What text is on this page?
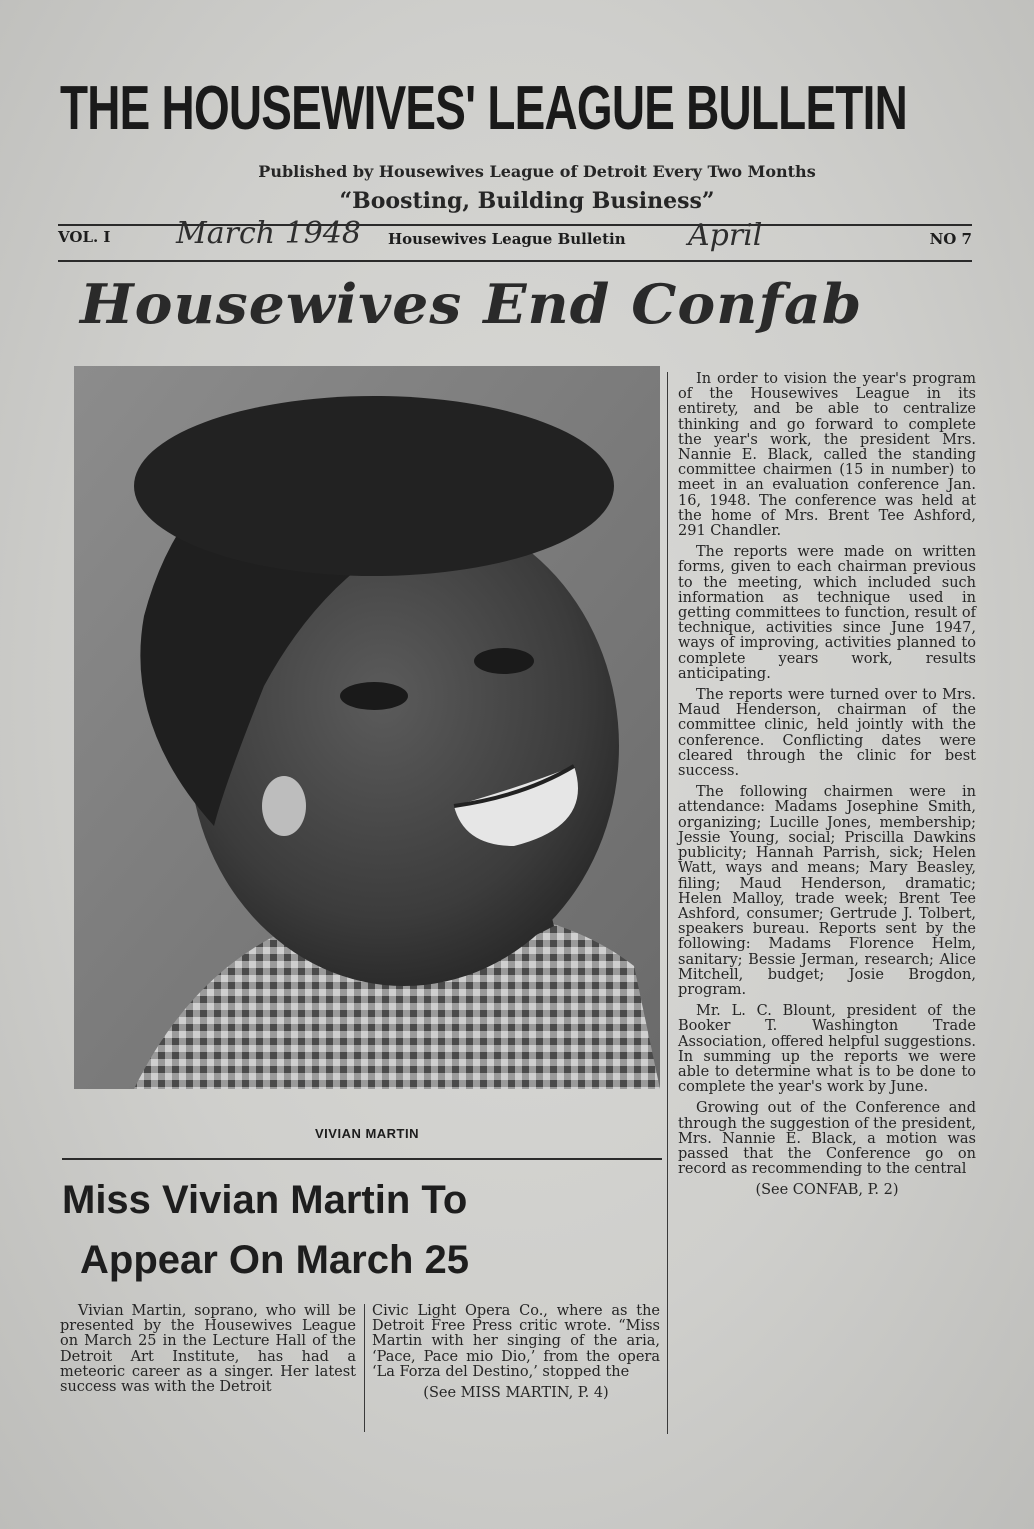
THE HOUSEWIVES' LEAGUE BULLETIN
Published by Housewives League of Detroit Every Two Months
“Boosting, Building Business”
VOL. I March 1948 Housewives League Bulletin April	NO 7
Housewives End Confab
VIVIAN MARTIN
Miss Vivian Martin To
Appear On March 25

Vivian Martin, soprano, who will be presented by the Housewives League on March 25 in the Lecture Hall of the Detroit Art Institute, has had a meteoric career as a singer. Her latest success was with the Detroit

Civic Light Opera Co., where as the Detroit Free Press critic wrote. “Miss Martin with her singing of the aria, ‘Pace, Pace mio Dio,’ from the opera ‘La Forza del Destino,’ stopped the

(See MISS MARTIN, P. 4)

In order to vision the year's program of the Housewives League in its entirety, and be able to centralize thinking and go forward to complete the year's work, the president Mrs. Nannie E. Black, called the standing committee chairmen (15 in number) to meet in an evaluation conference Jan. 16, 1948. The conference was held at the home of Mrs. Brent Tee Ashford, 291 Chandler.

The reports were made on written forms, given to each chairman previous to the meeting, which included such information as technique used in getting committees to function, result of technique, activities since June 1947, ways of improving, activities planned to complete years work, results anticipating.

The reports were turned over to Mrs. Maud Henderson, chairman of the committee clinic, held jointly with the conference. Conflicting dates were cleared through the clinic for best success.

The following chairmen were in attendance: Madams Josephine Smith, organizing; Lucille Jones, membership; Jessie Young, social; Priscilla Dawkins publicity; Hannah Parrish, sick; Helen Watt, ways and means; Mary Beasley, filing; Maud Henderson, dramatic; Helen Malloy, trade week; Brent Tee Ashford, consumer; Gertrude J. Tolbert, speakers bureau. Reports sent by the following: Madams Florence Helm, sanitary; Bessie Jerman, research; Alice Mitchell, budget; Josie Brogdon, program.

Mr. L. C. Blount, president of the Booker T. Washington Trade Association, offered helpful suggestions. In summing up the reports we were able to determine what is to be done to complete the year's work by June.

Growing out of the Conference and through the suggestion of the president, Mrs. Nannie E. Black, a motion was passed that the Conference go on record as recommending to the central

(See CONFAB, P. 2)
